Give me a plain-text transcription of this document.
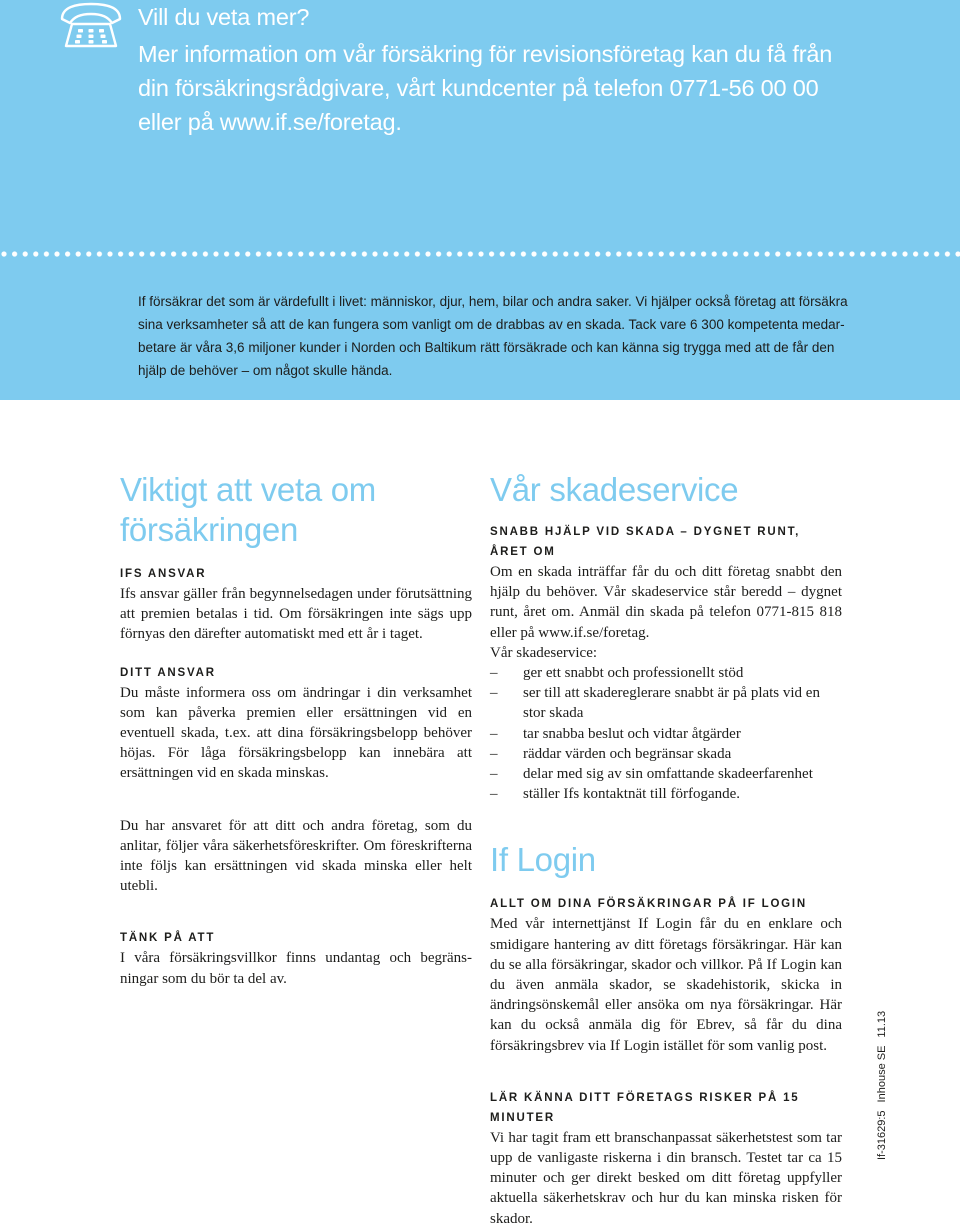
Vill du veta mer?

Mer information om vår försäkring för revisionsföretag kan du få från din försäkringsrådgivare, vårt kundcenter på telefon 0771-56 00 00 eller på www.if.se/foretag.

If försäkrar det som är värdefullt i livet: människor, djur, hem, bilar och andra saker. Vi hjälper också företag att försäkra sina verksamheter så att de kan fungera som vanligt om de drabbas av en skada. Tack vare 6 300 kompetenta medarbetare är våra 3,6 miljoner kunder i Norden och Baltikum rätt försäkrade och kan känna sig trygga med att de får den hjälp de behöver – om något skulle hända.

Viktigt att veta om försäkringen
IFS ANSVAR

Ifs ansvar gäller från begynnelsedagen under förutsättning att premien betalas i tid. Om försäkringen inte sägs upp förnyas den därefter automatiskt med ett år i taget.

DITT ANSVAR

Du måste informera oss om ändringar i din verksamhet som kan påverka premien eller ersättningen vid en eventuell skada, t.ex. att dina försäkringsbelopp behöver höjas. För låga försäkringsbelopp kan innebära att ersättningen vid en skada minskas.

Du har ansvaret för att ditt och andra företag, som du anlitar, följer våra säkerhetsföreskrifter. Om föreskrifterna inte följs kan ersättningen vid skada minska eller helt utebli.

TÄNK PÅ ATT

I våra försäkringsvillkor finns undantag och begränsningar som du bör ta del av.

Vår skadeservice
SNABB HJÄLP VID SKADA – DYGNET RUNT, ÅRET OM

Om en skada inträffar får du och ditt företag snabbt den hjälp du behöver. Vår skadeservice står beredd – dygnet runt, året om. Anmäl din skada på telefon 0771-815 818 eller på www.if.se/foretag.

Vår skadeservice:

– ger ett snabbt och professionellt stöd
– ser till att skadereglerare snabbt är på plats vid en stor skada
– tar snabba beslut och vidtar åtgärder
– räddar värden och begränsar skada
– delar med sig av sin omfattande skadeerfarenhet
– ställer Ifs kontaktnät till förfogande.
If Login
ALLT OM DINA FÖRSÄKRINGAR PÅ IF LOGIN

Med vår internettjänst If Login får du en enklare och smidigare hantering av ditt företags försäkringar. Här kan du se alla försäkringar, skador och villkor. På If Login kan du även anmäla skador, se skadehistorik, skicka in ändringsönskemål eller ansöka om nya försäkringar. Här kan du också anmäla dig för Ebrev, så får du dina försäkringsbrev via If Login istället för som vanlig post.

LÄR KÄNNA DITT FÖRETAGS RISKER PÅ 15 MINUTER

Vi har tagit fram ett branschanpassat säkerhetstest som tar upp de vanligaste riskerna i din bransch. Testet tar ca 15 minuter och ger direkt besked om ditt företag uppfyller aktuella säkerhetskrav och hur du kan minska risken för skador.

If-31629:5Inhouse SE11.13
